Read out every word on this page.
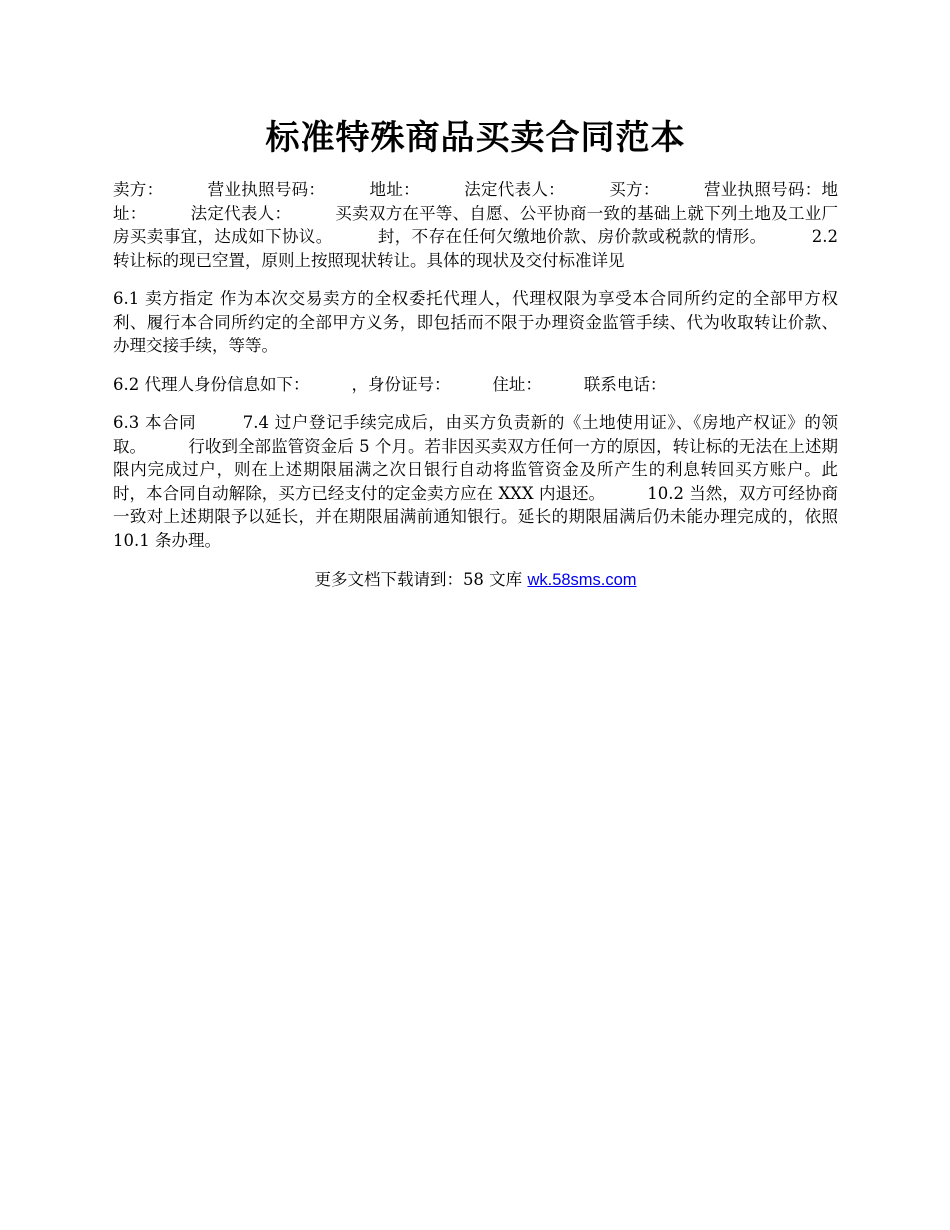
标准特殊商品买卖合同范本

卖方：        营业执照号码：        地址：        法定代表人：        买方：        营业执照号码：地址：        法定代表人：        买卖双方在平等、自愿、公平协商一致的基础上就下列土地及工业厂房买卖事宜，达成如下协议。        封，不存在任何欠缴地价款、房价款或税款的情形。        2.2 转让标的现已空置，原则上按照现状转让。具体的现状及交付标准详见

6.1 卖方指定 作为本次交易卖方的全权委托代理人，代理权限为享受本合同所约定的全部甲方权利、履行本合同所约定的全部甲方义务，即包括而不限于办理资金监管手续、代为收取转让价款、办理交接手续，等等。

6.2 代理人身份信息如下：        ，身份证号：        住址：        联系电话：

6.3 本合同        7.4 过户登记手续完成后，由买方负责新的《土地使用证》、《房地产权证》的领取。        行收到全部监管资金后 5 个月。若非因买卖双方任何一方的原因，转让标的无法在上述期限内完成过户，则在上述期限届满之次日银行自动将监管资金及所产生的利息转回买方账户。此时，本合同自动解除，买方已经支付的定金卖方应在 XXX 内退还。        10.2 当然，双方可经协商一致对上述期限予以延长，并在期限届满前通知银行。延长的期限届满后仍未能办理完成的，依照 10.1 条办理。

更多文档下载请到：58 文库 wk.58sms.com
